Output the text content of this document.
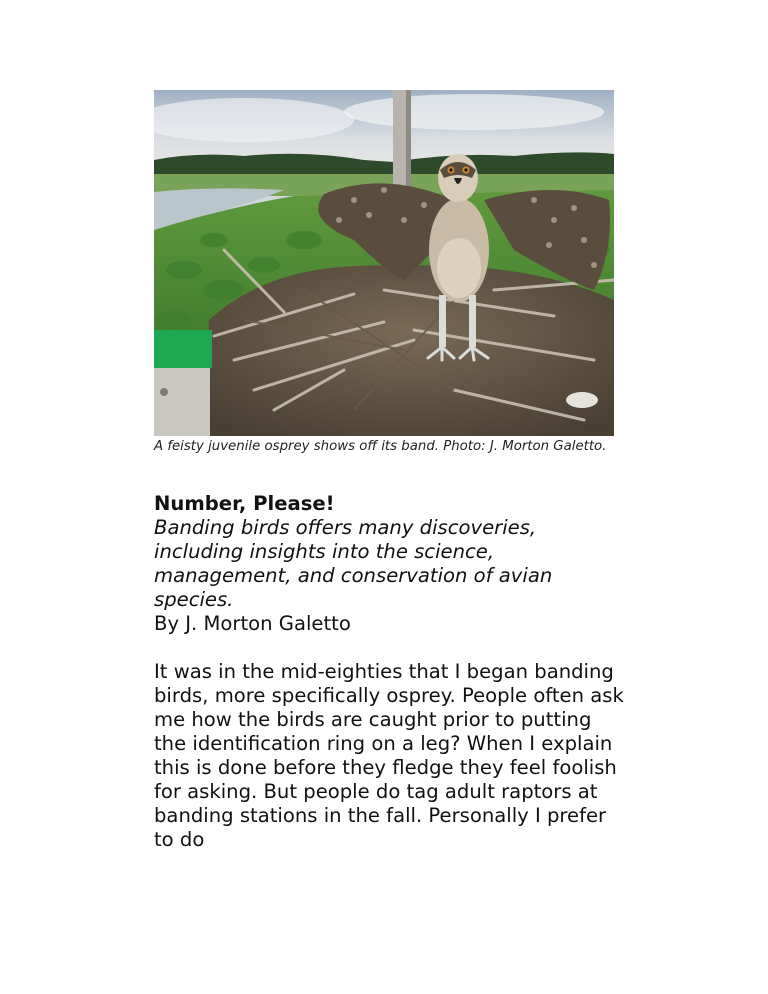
A feisty juvenile osprey shows off its band. Photo: J. Morton Galetto.

Number, Please!

Banding birds offers many discoveries, including insights into the science, management, and conservation of avian species.

By J. Morton Galetto

It was in the mid-eighties that I began banding birds, more specifically osprey. People often ask me how the birds are caught prior to putting the identification ring on a leg? When I explain this is done before they fledge they feel foolish for asking. But people do tag adult raptors at banding stations in the fall. Personally I prefer to do
